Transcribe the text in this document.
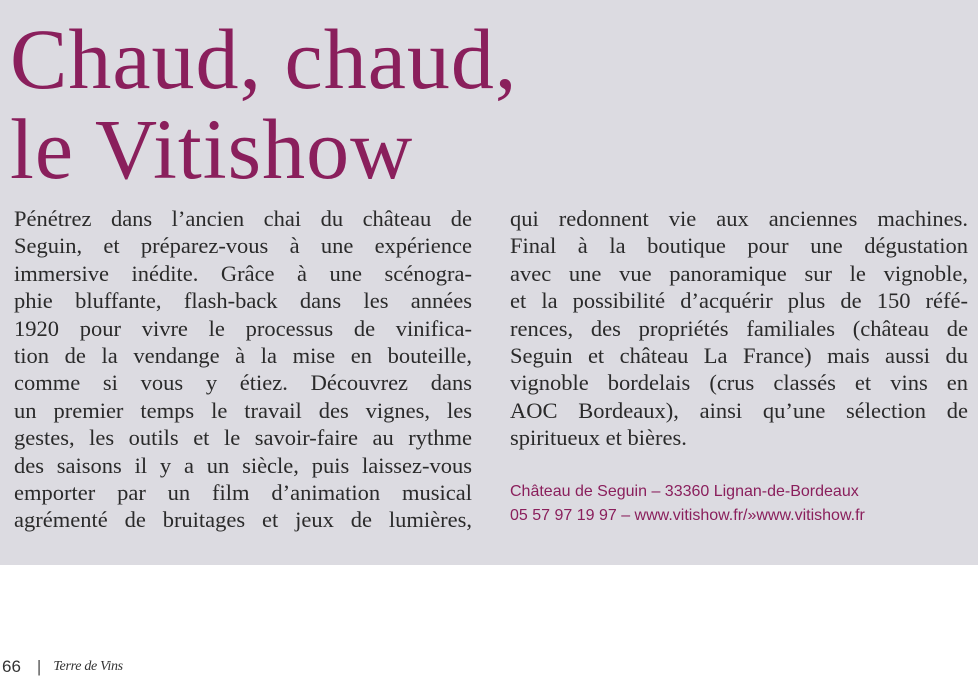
Chaud, chaud,
le Vitishow
Pénétrez dans l’ancien chai du château de
Seguin, et préparez-vous à une expérience
immersive inédite. Grâce à une scénogra-
phie bluffante, flash-back dans les années
1920 pour vivre le processus de vinifica-
tion de la vendange à la mise en bouteille,
comme si vous y étiez. Découvrez dans
un premier temps le travail des vignes, les
gestes, les outils et le savoir-faire au rythme
des saisons il y a un siècle, puis laissez-vous
emporter par un film d’animation musical
agrémenté de bruitages et jeux de lumières,
qui redonnent vie aux anciennes machines.
Final à la boutique pour une dégustation
avec une vue panoramique sur le vignoble,
et la possibilité d’acquérir plus de 150 réfé-
rences, des propriétés familiales (château de
Seguin et château La France) mais aussi du
vignoble bordelais (crus classés et vins en
AOC Bordeaux), ainsi qu’une sélection de
spiritueux et bières.
Château de Seguin – 33360 Lignan-de-Bordeaux
05 57 97 19 97 – www.vitishow.fr/»www.vitishow.fr
66 | Terre de Vins
